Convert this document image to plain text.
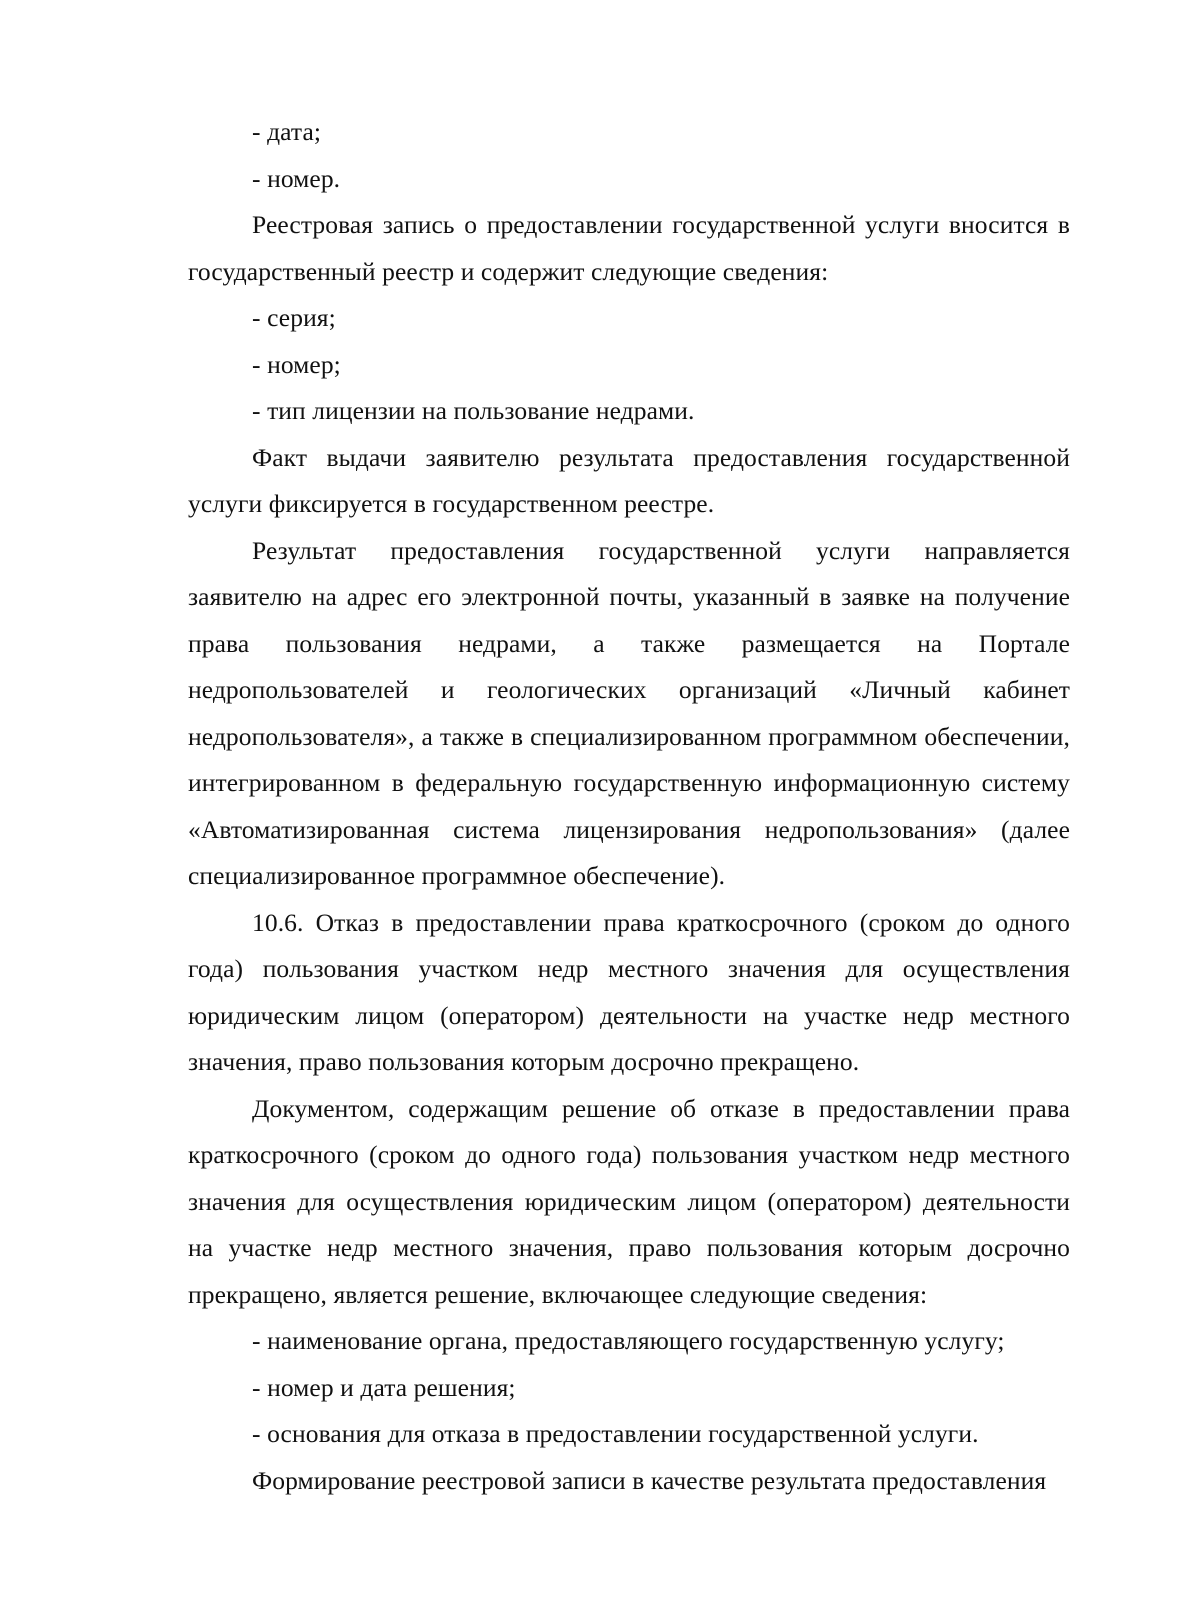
- дата;

- номер.

Реестровая запись о предоставлении государственной услуги вносится в государственный реестр и содержит следующие сведения:

- серия;

- номер;

- тип лицензии на пользование недрами.

Факт выдачи заявителю результата предоставления государственной услуги фиксируется в государственном реестре.

Результат предоставления государственной услуги направляется заявителю на адрес его электронной почты, указанный в заявке на получение права пользования недрами, а также размещается на Портале недропользователей и геологических организаций «Личный кабинет недропользователя», а также в специализированном программном обеспечении, интегрированном в федеральную государственную информационную систему «Автоматизированная система лицензирования недропользования» (далее специализированное программное обеспечение).

10.6. Отказ в предоставлении права краткосрочного (сроком до одного года) пользования участком недр местного значения для осуществления юридическим лицом (оператором) деятельности на участке недр местного значения, право пользования которым досрочно прекращено.

Документом, содержащим решение об отказе в предоставлении права краткосрочного (сроком до одного года) пользования участком недр местного значения для осуществления юридическим лицом (оператором) деятельности на участке недр местного значения, право пользования которым досрочно прекращено, является решение, включающее следующие сведения:

- наименование органа, предоставляющего государственную услугу;

- номер и дата решения;

- основания для отказа в предоставлении государственной услуги.

Формирование реестровой записи в качестве результата предоставления
